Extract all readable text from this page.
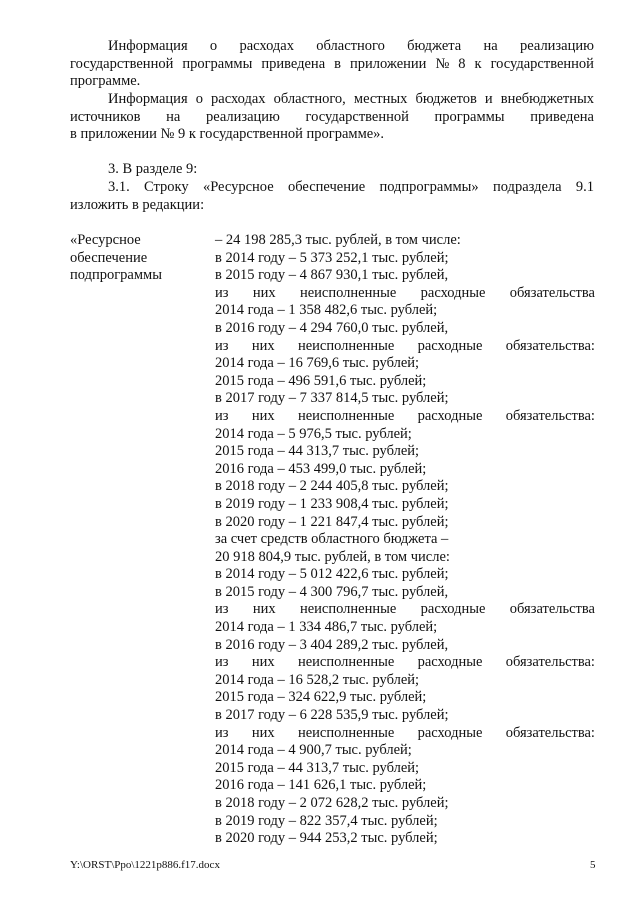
Информация о расходах областного бюджета на реализацию
государственной программы приведена в приложении № 8 к государственной
программе.
Информация о расходах областного, местных бюджетов и внебюджетных
источников на реализацию государственной программы приведена
в приложении № 9 к государственной программе».
3. В разделе 9:
3.1. Строку «Ресурсное обеспечение подпрограммы» подраздела 9.1
изложить в редакции:
«Ресурсное
обеспечение
подпрограммы
– 24 198 285,3 тыс. рублей, в том числе:
в 2014 году – 5 373 252,1 тыс. рублей;
в 2015 году – 4 867 930,1 тыс. рублей,
из них неисполненные расходные обязательства
2014 года – 1 358 482,6 тыс. рублей;
в 2016 году – 4 294 760,0 тыс. рублей,
из них неисполненные расходные обязательства:
2014 года – 16 769,6 тыс. рублей;
2015 года – 496 591,6 тыс. рублей;
в 2017 году – 7 337 814,5 тыс. рублей;
из них неисполненные расходные обязательства:
2014 года – 5 976,5 тыс. рублей;
2015 года – 44 313,7 тыс. рублей;
2016 года – 453 499,0 тыс. рублей;
в 2018 году – 2 244 405,8 тыс. рублей;
в 2019 году – 1 233 908,4 тыс. рублей;
в 2020 году – 1 221 847,4 тыс. рублей;
за счет средств областного бюджета –
20 918 804,9 тыс. рублей, в том числе:
в 2014 году – 5 012 422,6 тыс. рублей;
в 2015 году – 4 300 796,7 тыс. рублей,
из них неисполненные расходные обязательства
2014 года – 1 334 486,7 тыс. рублей;
в 2016 году – 3 404 289,2 тыс. рублей,
из них неисполненные расходные обязательства:
2014 года – 16 528,2 тыс. рублей;
2015 года – 324 622,9 тыс. рублей;
в 2017 году – 6 228 535,9 тыс. рублей;
из них неисполненные расходные обязательства:
2014 года – 4 900,7 тыс. рублей;
2015 года – 44 313,7 тыс. рублей;
2016 года – 141 626,1 тыс. рублей;
в 2018 году – 2 072 628,2 тыс. рублей;
в 2019 году – 822 357,4 тыс. рублей;
в 2020 году – 944 253,2 тыс. рублей;
Y:\ORST\Ppo\1221p886.f17.docx	5
